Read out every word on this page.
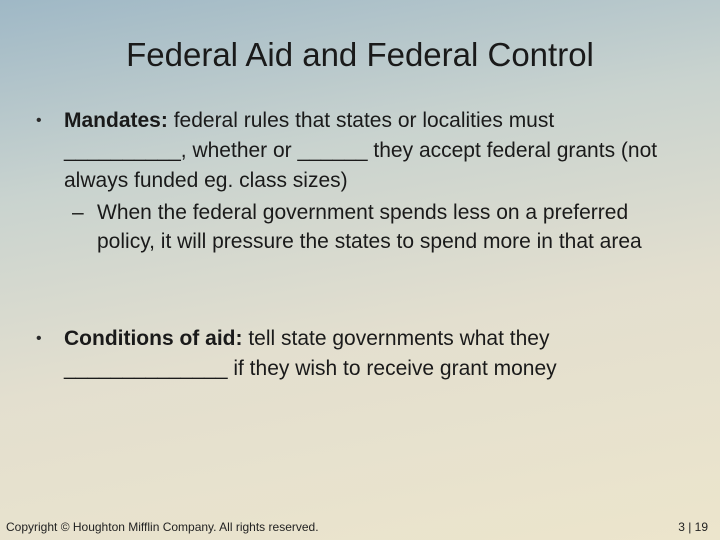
Federal Aid and Federal Control
• Mandates: federal rules that states or localities must __________, whether or ______ they accept federal grants (not always funded eg. class sizes)
– When the federal government spends less on a preferred policy, it will pressure the states to spend more in that area
• Conditions of aid: tell state governments what they ______________ if they wish to receive grant money
Copyright © Houghton Mifflin Company. All rights reserved.	3 | 19
